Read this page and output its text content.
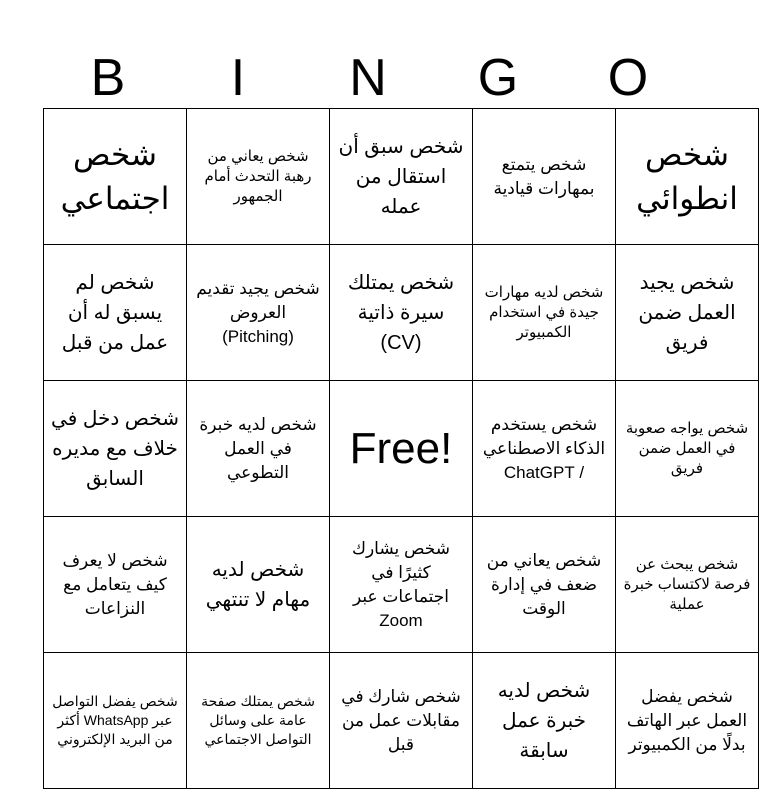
B	I	N	G	O
شخص اجتماعي	شخص يعاني من رهبة التحدث أمام الجمهور	شخص سبق أن استقال من عمله	شخص يتمتع بمهارات قيادية	شخص انطوائي
شخص لم يسبق له أن عمل من قبل	شخص يجيد تقديم العروض (Pitching)	شخص يمتلك سيرة ذاتية (CV)	شخص لديه مهارات جيدة في استخدام الكمبيوتر	شخص يجيد العمل ضمن فريق
شخص دخل في خلاف مع مديره السابق	شخص لديه خبرة في العمل التطوعي	Free!	شخص يستخدم الذكاء الاصطناعي / ChatGPT	شخص يواجه صعوبة في العمل ضمن فريق
شخص لا يعرف كيف يتعامل مع النزاعات	شخص لديه مهام لا تنتهي	شخص يشارك كثيرًا في اجتماعات عبر Zoom	شخص يعاني من ضعف في إدارة الوقت	شخص يبحث عن فرصة لاكتساب خبرة عملية
شخص يفضل التواصل عبر WhatsApp أكثر من البريد الإلكتروني	شخص يمتلك صفحة عامة على وسائل التواصل الاجتماعي	شخص شارك في مقابلات عمل من قبل	شخص لديه خبرة عمل سابقة	شخص يفضل العمل عبر الهاتف بدلًا من الكمبيوتر
